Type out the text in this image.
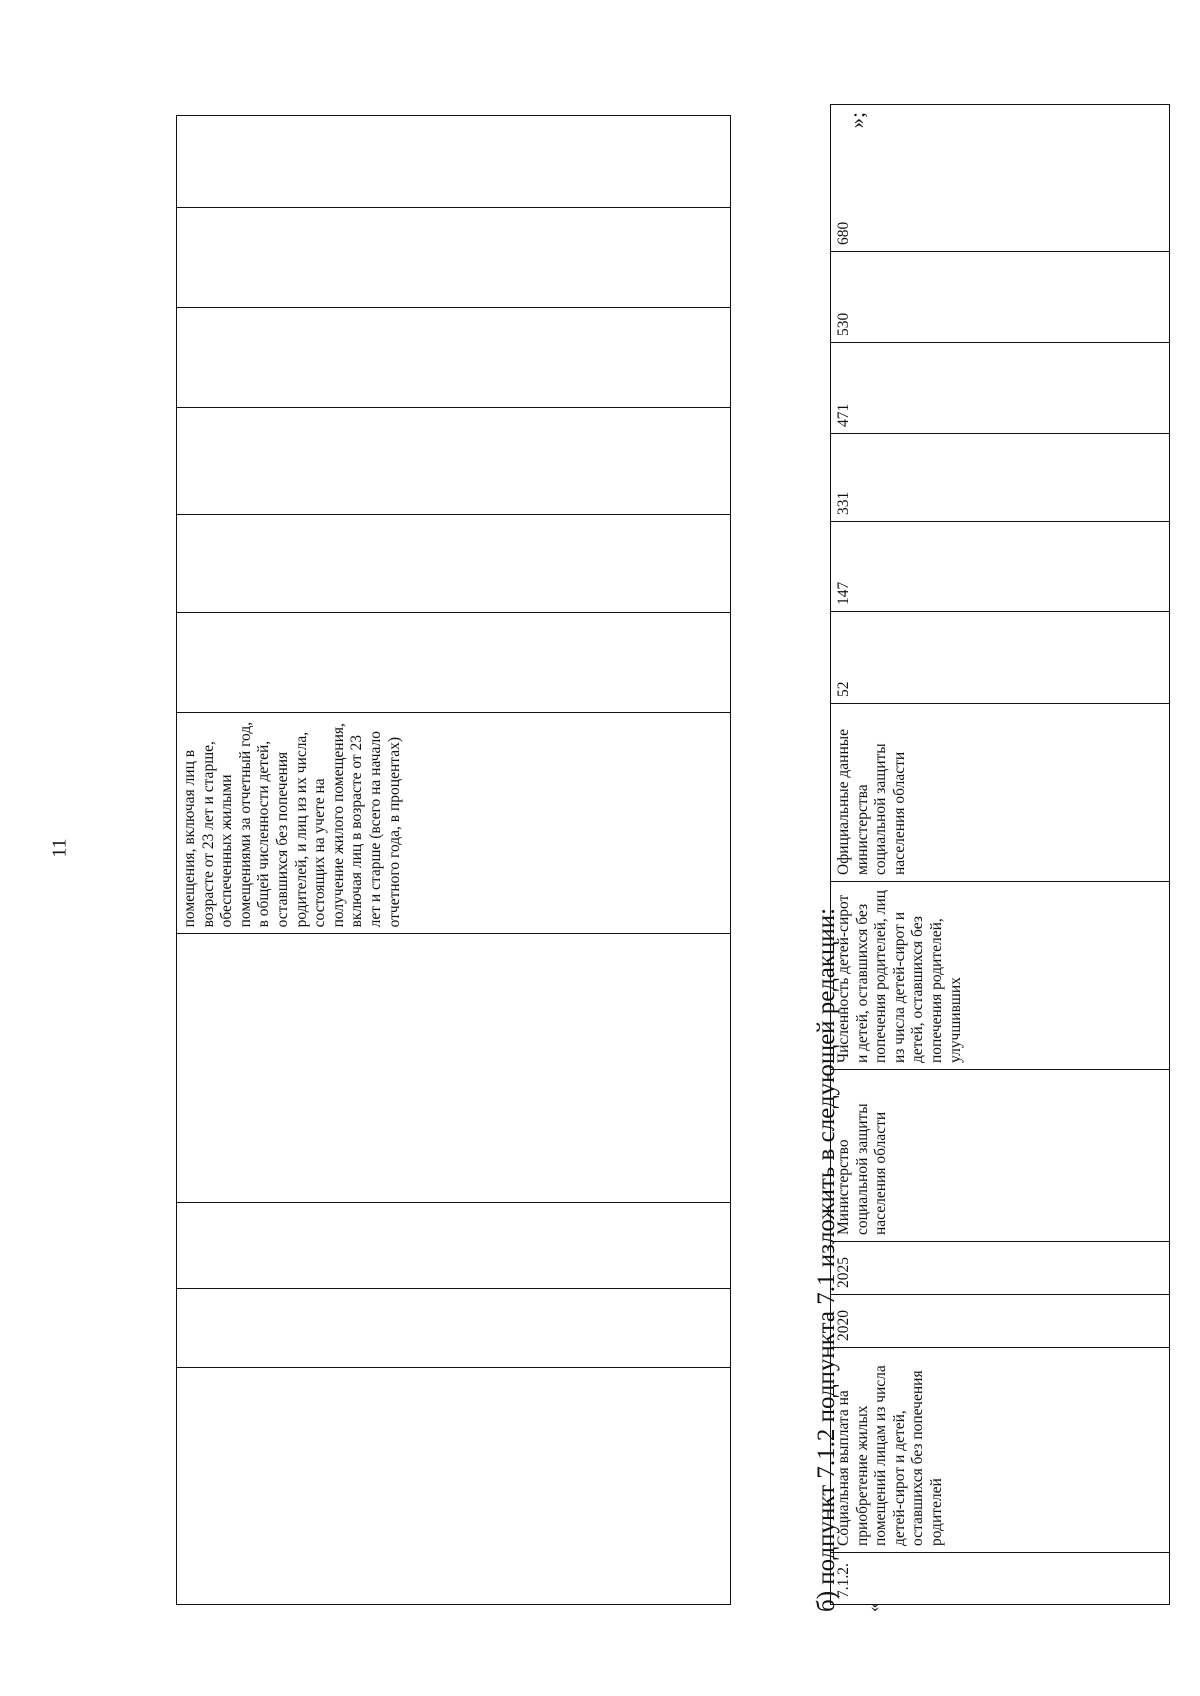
11
					помещения, включая лиц в возрасте от 23 лет и старше, обеспеченных жилыми помещениями за отчетный год, в общей численности детей, оставшихся без попечения родителей, и лиц из их числа, состоящих на учете на получение жилого помещения, включая лиц в возрасте от 23 лет и старше (всего на начало отчетного года, в процентах)						
б) подпункт 7.1.2 подпункта 7.1 изложить в следующей редакции: «
»;
7.1.2.	Социальная выплата на приобретение жилых помещений лицам из числа детей-сирот и детей, оставшихся без попечения родителей	2020	2025	Министерство социальной защиты населения области	Численность детей-сирот и детей, оставшихся без попечения родителей, лиц из числа детей-сирот и детей, оставшихся без попечения родителей, улучшивших	Официальные данные министерства социальной защиты населения области	52	147	331	471	530	680
